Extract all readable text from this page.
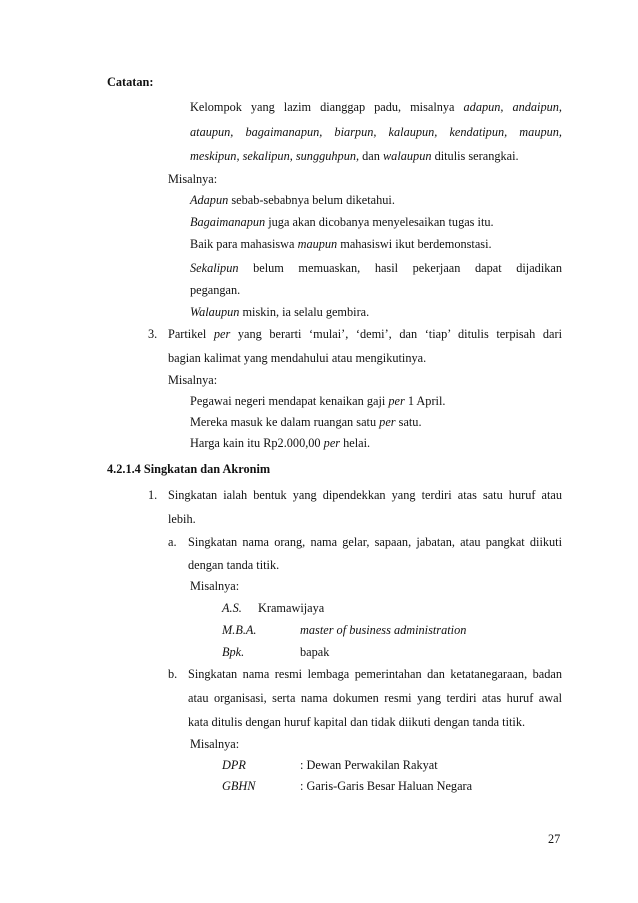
Catatan:
Kelompok yang lazim dianggap padu, misalnya adapun, andaipun,
ataupun, bagaimanapun, biarpun, kalaupun, kendatipun, maupun,
meskipun, sekalipun, sungguhpun, dan walaupun ditulis serangkai.
Misalnya:
Adapun sebab-sebabnya belum diketahui.
Bagaimanapun juga akan dicobanya menyelesaikan tugas itu.
Baik para mahasiswa maupun mahasiswi ikut berdemonstasi.
Sekalipun belum memuaskan, hasil pekerjaan dapat dijadikan
pegangan.
Walaupun miskin, ia selalu gembira.
3. Partikel per yang berarti ‘mulai’, ‘demi’, dan ‘tiap’ ditulis terpisah dari
bagian kalimat yang mendahului atau mengikutinya.
Misalnya:
Pegawai negeri mendapat kenaikan gaji per 1 April.
Mereka masuk ke dalam ruangan satu per satu.
Harga kain itu Rp2.000,00 per helai.
4.2.1.4 Singkatan dan Akronim
1. Singkatan ialah bentuk yang dipendekkan yang terdiri atas satu huruf atau
lebih.
a. Singkatan nama orang, nama gelar, sapaan, jabatan, atau pangkat diikuti
dengan tanda titik.
Misalnya:
A.S. Kramawijaya
M.B.A.	master of business administration
Bpk.	bapak
b. Singkatan nama resmi lembaga pemerintahan dan ketatanegaraan, badan
atau organisasi, serta nama dokumen resmi yang terdiri atas huruf awal
kata ditulis dengan huruf kapital dan tidak diikuti dengan tanda titik.
Misalnya:
DPR	: Dewan Perwakilan Rakyat
GBHN	: Garis-Garis Besar Haluan Negara
27
